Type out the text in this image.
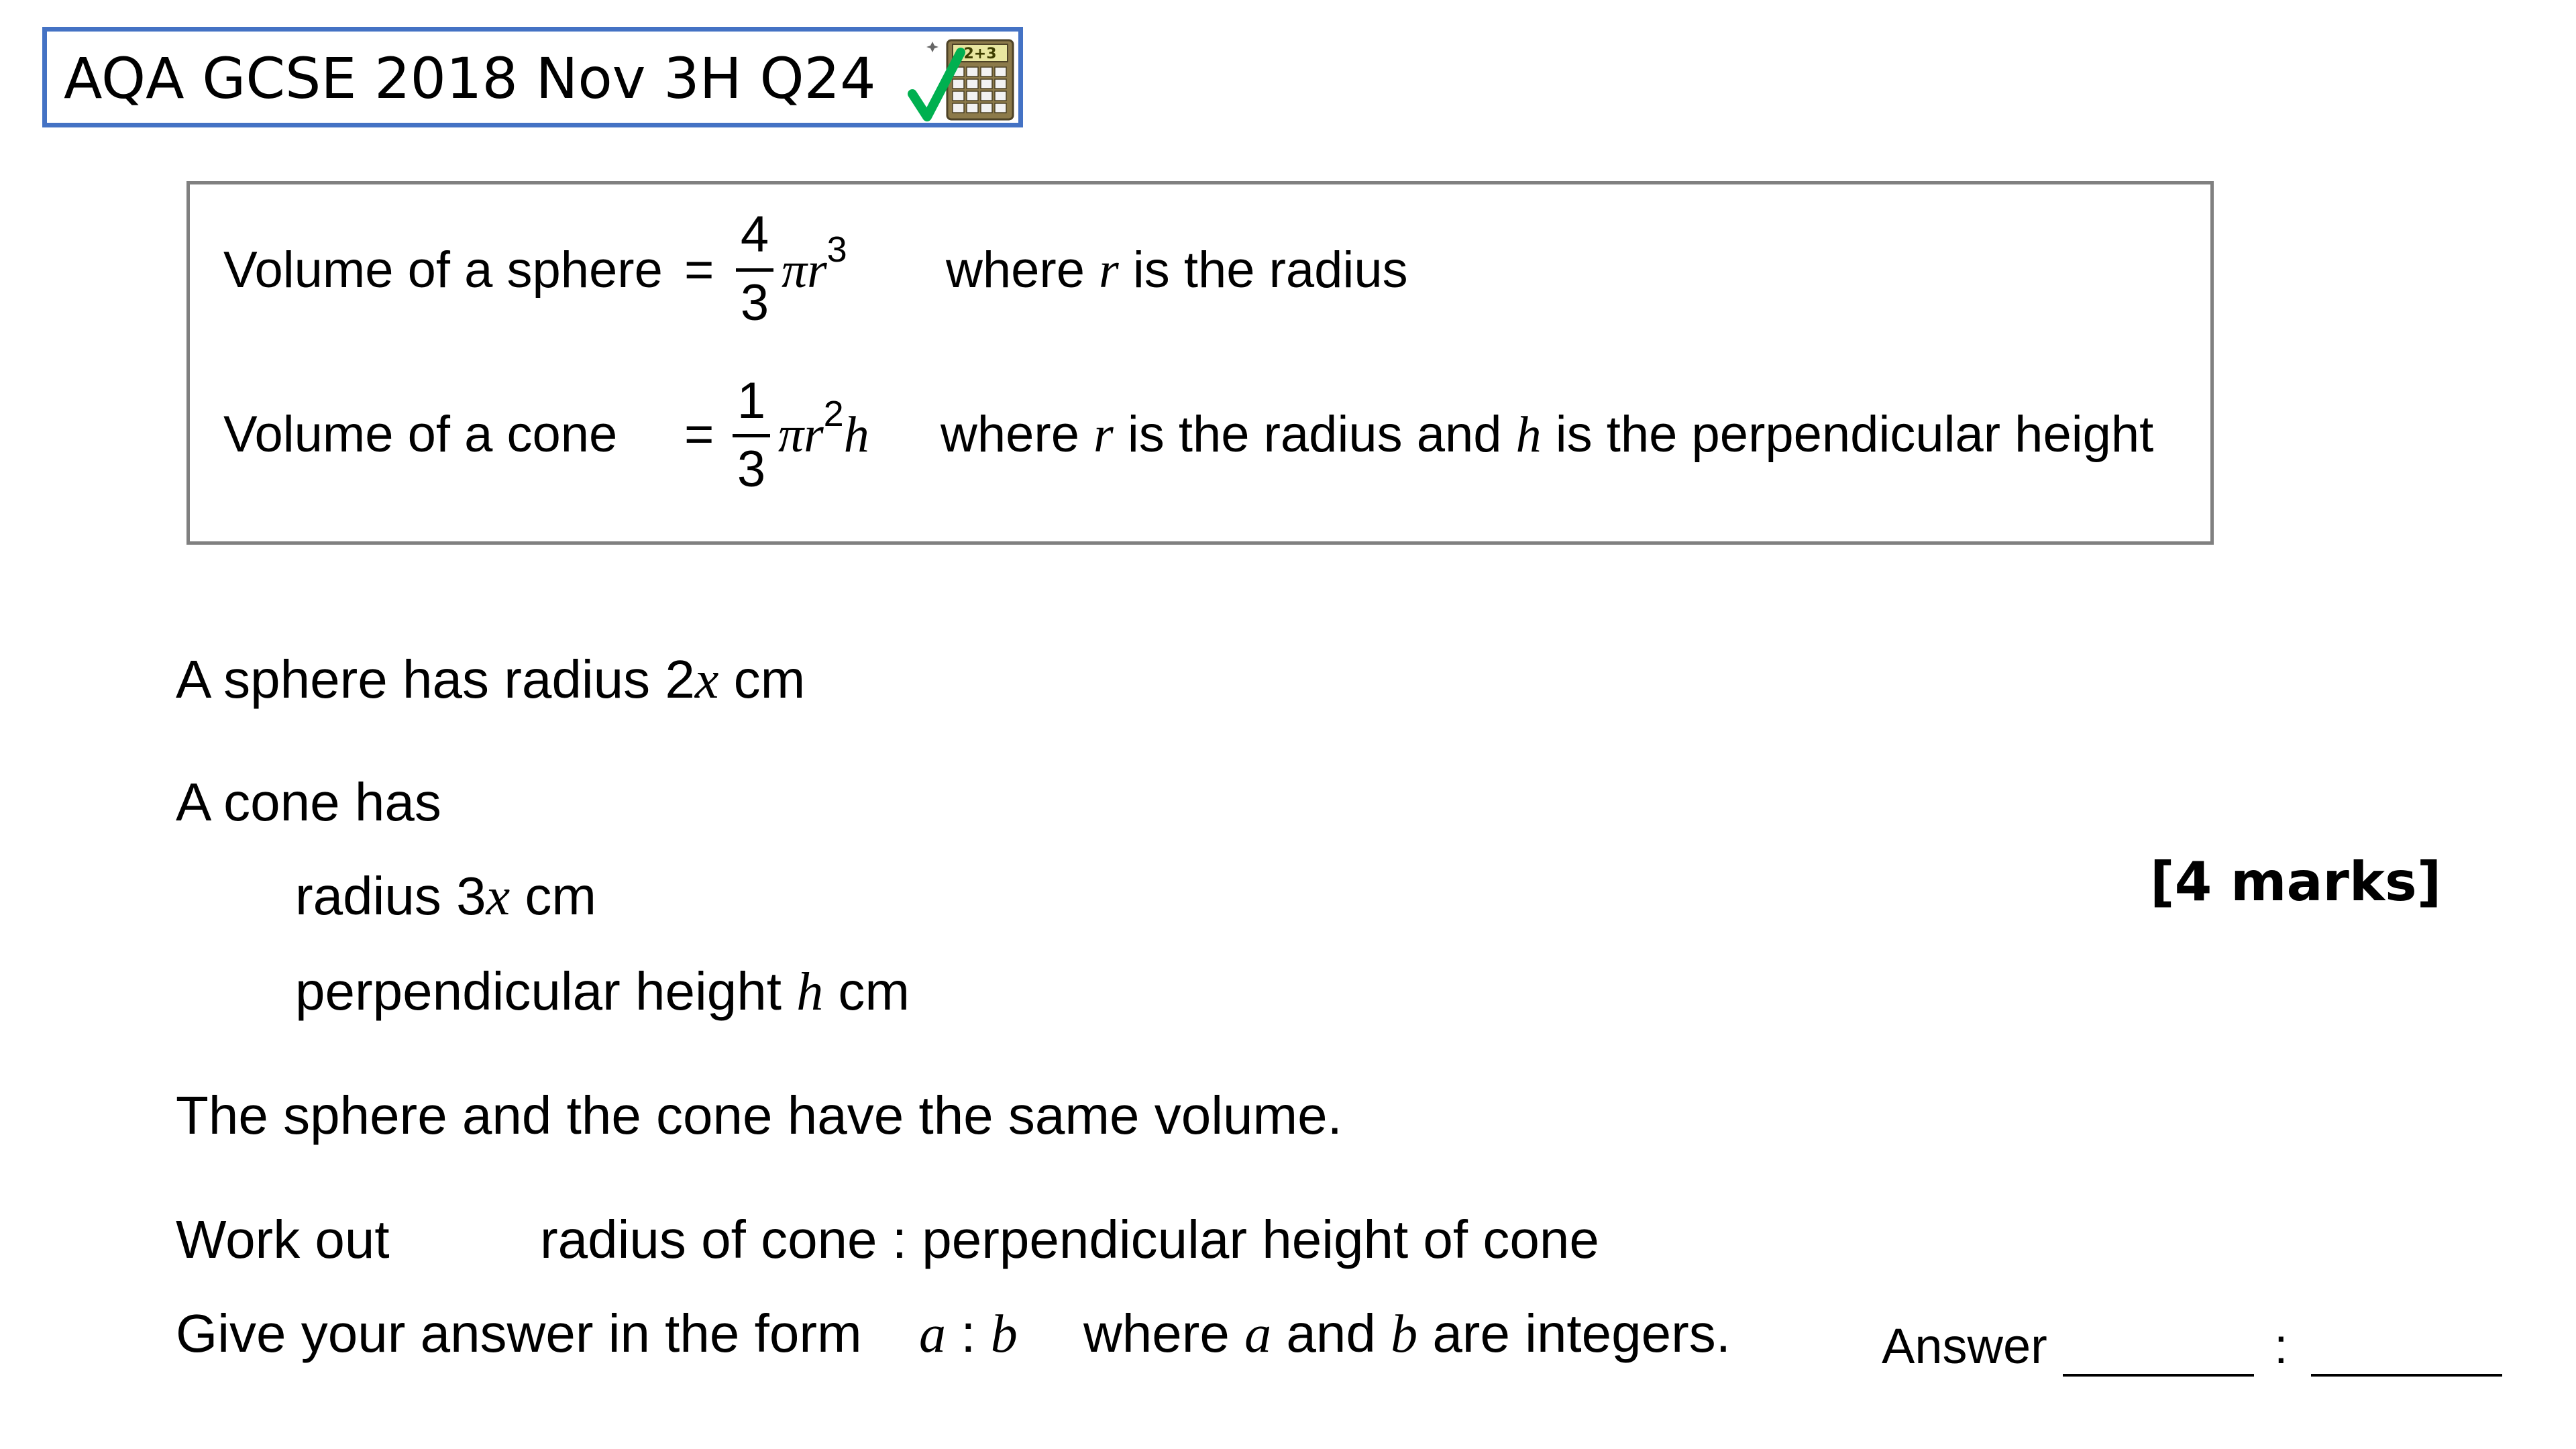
AQA GCSE 2018 Nov 3H Q24	2+3
Volume of a sphere =
4
3
$\pi r^3$ where r is the radius
Volume of a cone =
1
3
$\pi r^2h$ where r is the radius and h is the perpendicular height
A sphere has radius 2x cm
A cone has
radius 3x cm
perpendicular height h cm
[4 marks]
The sphere and the cone have the same volume.
Work out	radius of cone : perpendicular height of cone
Give your answer in the form a : b where a and b are integers.	Answer	:
